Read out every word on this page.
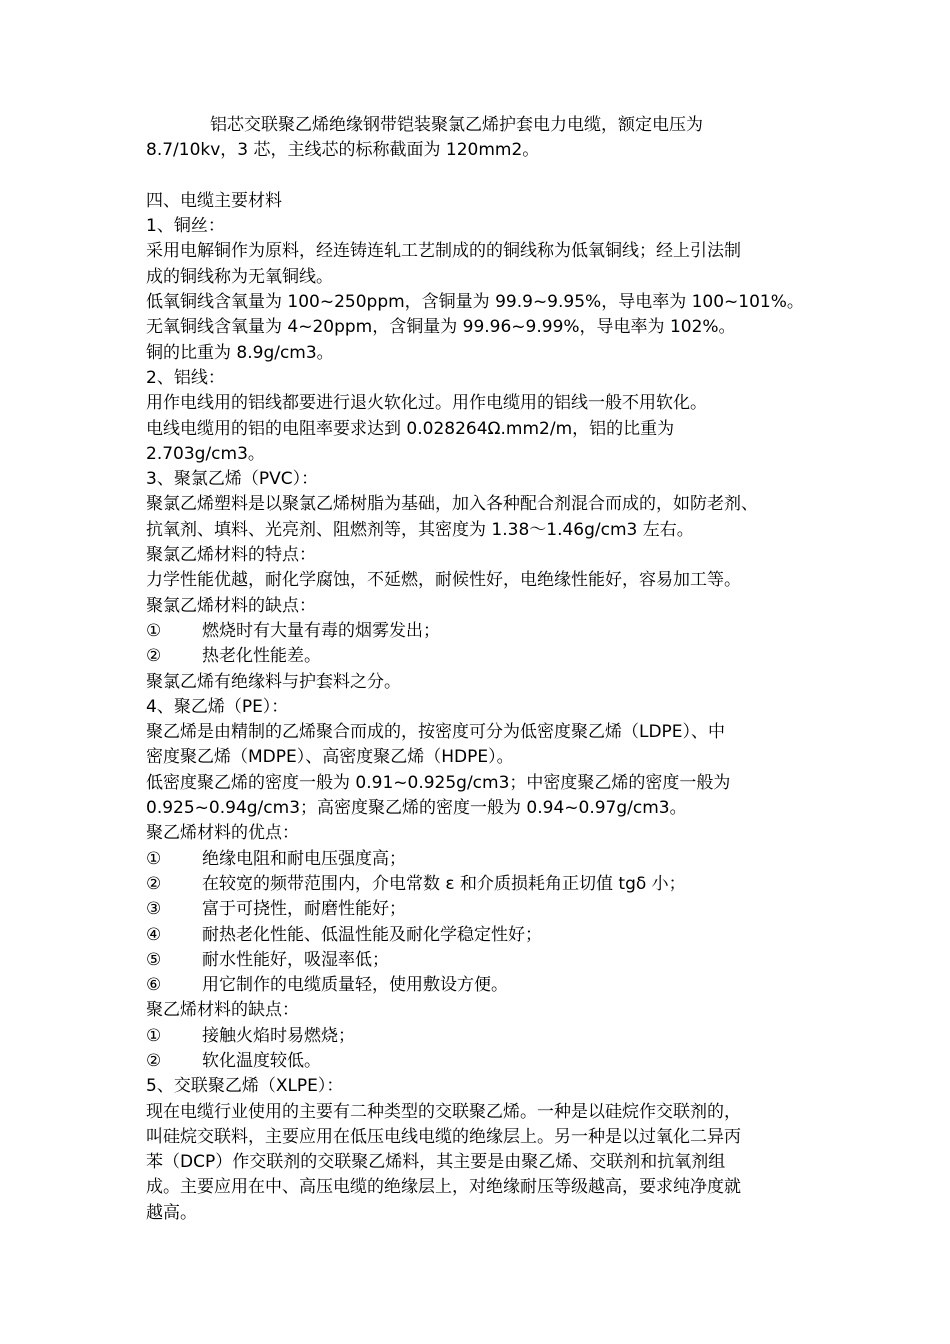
铝芯交联聚乙烯绝缘钢带铠装聚氯乙烯护套电力电缆，额定电压为
8.7/10kv，3 芯，主线芯的标称截面为 120mm2。
四、电缆主要材料
1、铜丝：
采用电解铜作为原料，经连铸连轧工艺制成的的铜线称为低氧铜线；经上引法制
成的铜线称为无氧铜线。
低氧铜线含氧量为 100~250ppm，含铜量为 99.9~9.95%，导电率为 100~101%。
无氧铜线含氧量为 4~20ppm，含铜量为 99.96~9.99%，导电率为 102%。
铜的比重为 8.9g/cm3。
2、铝线：
用作电线用的铝线都要进行退火软化过。用作电缆用的铝线一般不用软化。
电线电缆用的铝的电阻率要求达到 0.028264Ω.mm2/m，铝的比重为
2.703g/cm3。
3、聚氯乙烯（PVC）：
聚氯乙烯塑料是以聚氯乙烯树脂为基础，加入各种配合剂混合而成的，如防老剂、
抗氧剂、填料、光亮剂、阻燃剂等，其密度为 1.38～1.46g/cm3 左右。
聚氯乙烯材料的特点：
力学性能优越，耐化学腐蚀，不延燃，耐候性好，电绝缘性能好，容易加工等。
聚氯乙烯材料的缺点：
①	燃烧时有大量有毒的烟雾发出；
②	热老化性能差。
聚氯乙烯有绝缘料与护套料之分。
4、聚乙烯（PE）：
聚乙烯是由精制的乙烯聚合而成的，按密度可分为低密度聚乙烯（LDPE）、中
密度聚乙烯（MDPE）、高密度聚乙烯（HDPE）。
低密度聚乙烯的密度一般为 0.91~0.925g/cm3；中密度聚乙烯的密度一般为
0.925~0.94g/cm3；高密度聚乙烯的密度一般为 0.94~0.97g/cm3。
聚乙烯材料的优点：
①	绝缘电阻和耐电压强度高；
②	在较宽的频带范围内，介电常数 ε 和介质损耗角正切值 tgδ 小；
③	富于可挠性，耐磨性能好；
④	耐热老化性能、低温性能及耐化学稳定性好；
⑤	耐水性能好，吸湿率低；
⑥	用它制作的电缆质量轻，使用敷设方便。
聚乙烯材料的缺点：
①	接触火焰时易燃烧；
②	软化温度较低。
5、交联聚乙烯（XLPE）：
现在电缆行业使用的主要有二种类型的交联聚乙烯。一种是以硅烷作交联剂的，
叫硅烷交联料，主要应用在低压电线电缆的绝缘层上。另一种是以过氧化二异丙
苯（DCP）作交联剂的交联聚乙烯料，其主要是由聚乙烯、交联剂和抗氧剂组
成。主要应用在中、高压电缆的绝缘层上，对绝缘耐压等级越高，要求纯净度就
越高。
